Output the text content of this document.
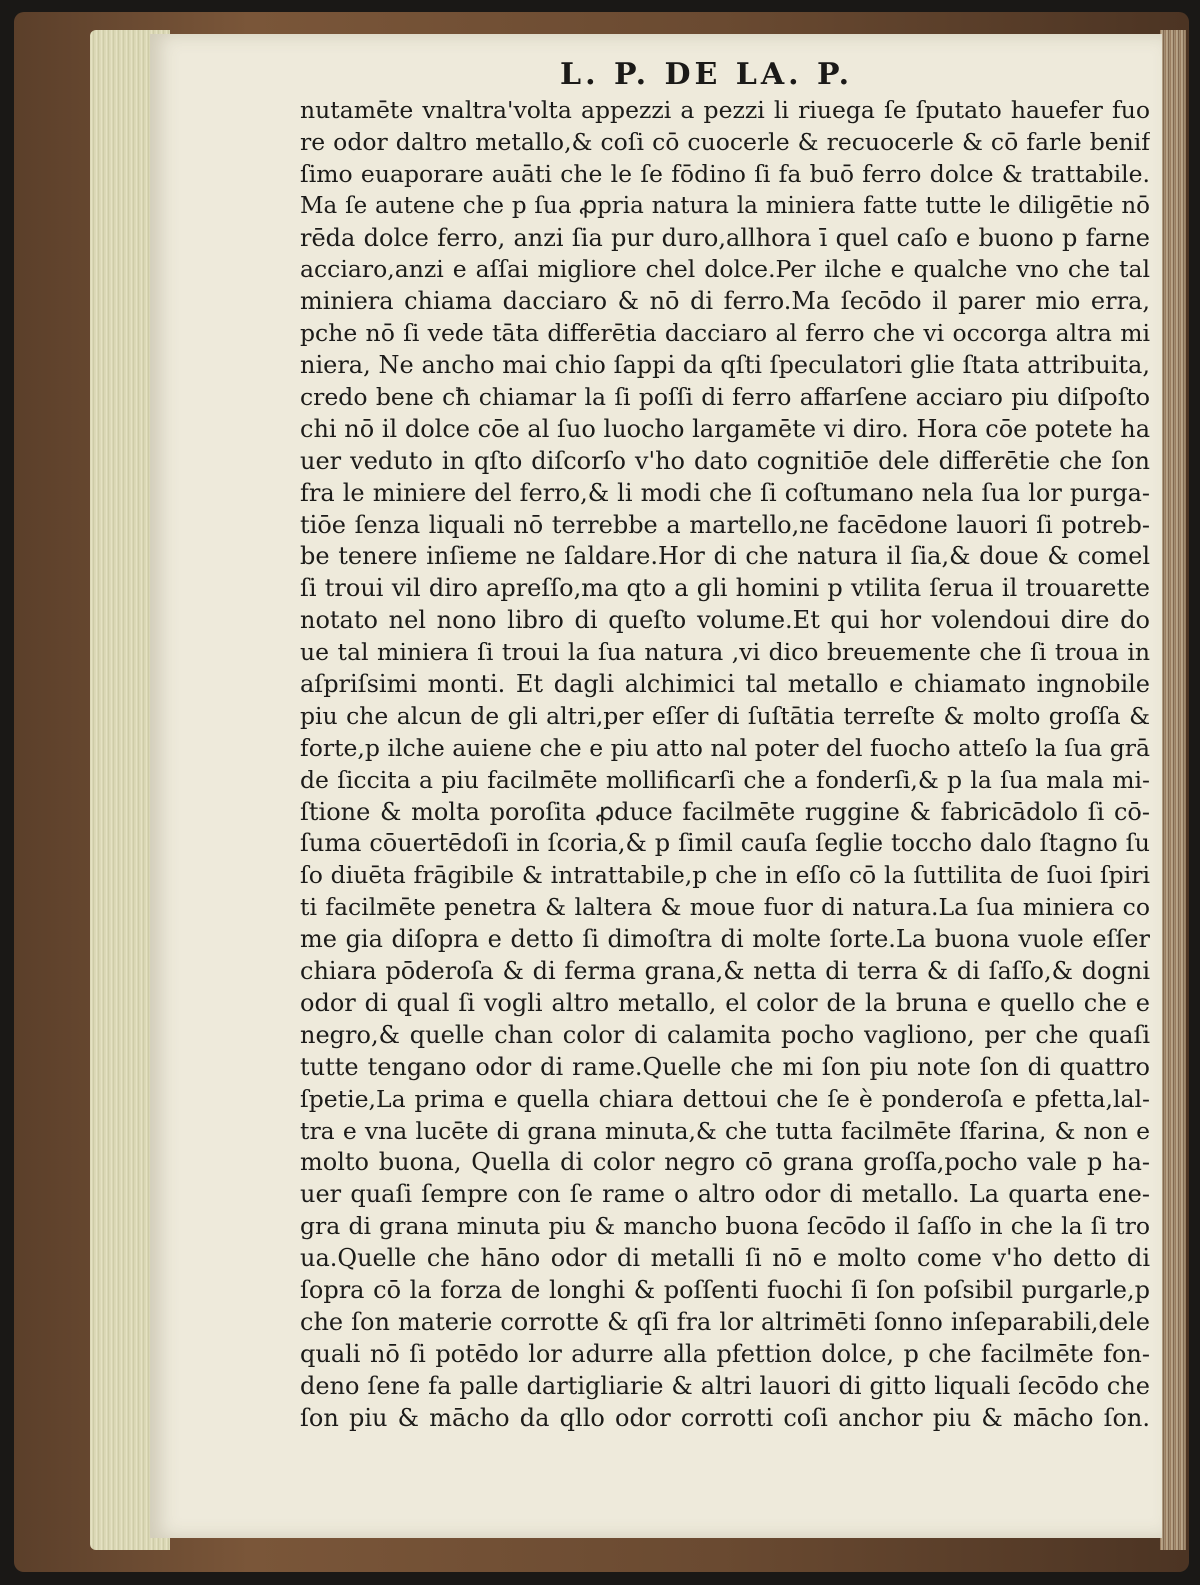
L. P. DE LA. P.
nutamēte vnaltra'volta appezzi a pezzi li riuega ſe ſputato hauefer fuo
re odor daltro metallo,& coſi cō cuocerle & recuocerle & cō farle benif
ſimo euaporare auāti che le ſe fōdino ſi fa buō ferro dolce & trattabile.
Ma ſe autene che p ſua ꝓpria natura la miniera fatte tutte le diligētie nō
rēda dolce ferro, anzi ſia pur duro,allhora ī quel caſo e buono p farne
acciaro,anzi e aſſai migliore chel dolce.Per ilche e qualche vno che tal
miniera chiama dacciaro & nō di ferro.Ma ſecōdo il parer mio erra,
pche nō ſi vede tāta differētia dacciaro al ferro che vi occorga altra mi
niera, Ne ancho mai chio ſappi da qſti ſpeculatori glie ſtata attribuita,
credo bene cħ chiamar la ſi poſſi di ferro affarſene acciaro piu diſpoſto
chi nō il dolce cōe al ſuo luocho largamēte vi diro. Hora cōe potete ha
uer veduto in qſto diſcorſo v'ho dato cognitiōe dele differētie che ſon
fra le miniere del ferro,& li modi che ſi coſtumano nela ſua lor purga-
tiōe ſenza liquali nō terrebbe a martello,ne facēdone lauori ſi potreb-
be tenere inſieme ne ſaldare.Hor di che natura il ſia,& doue & comel
ſi troui vil diro apreſſo,ma qto a gli homini p vtilita ſerua il trouarette
notato nel nono libro di queſto volume.Et qui hor volendoui dire do
ue tal miniera ſi troui la ſua natura ,vi dico breuemente che ſi troua in
aſpriſsimi monti. Et dagli alchimici tal metallo e chiamato ingnobile
piu che alcun de gli altri,per eſſer di ſuſtātia terreſte & molto groſſa &
forte,p ilche auiene che e piu atto nal poter del fuocho atteſo la ſua grā
de ſiccita a piu facilmēte mollificarſi che a fonderſi,& p la ſua mala mi-
ſtione & molta poroſita ꝓduce facilmēte ruggine & fabricādolo ſi cō-
ſuma cōuertēdoſi in ſcoria,& p ſimil cauſa ſeglie toccho dalo ſtagno ſu
ſo diuēta frāgibile & intrattabile,p che in eſſo cō la ſuttilita de ſuoi ſpiri
ti facilmēte penetra & laltera & moue fuor di natura.La ſua miniera co
me gia diſopra e detto ſi dimoſtra di molte ſorte.La buona vuole eſſer
chiara pōderoſa & di ferma grana,& netta di terra & di ſaſſo,& dogni
odor di qual ſi vogli altro metallo, el color de la bruna e quello che e
negro,& quelle chan color di calamita pocho vagliono, per che quaſi
tutte tengano odor di rame.Quelle che mi ſon piu note ſon di quattro
ſpetie,La prima e quella chiara dettoui che ſe è ponderoſa e pfetta,lal-
tra e vna lucēte di grana minuta,& che tutta facilmēte ſfarina, & non e
molto buona, Quella di color negro cō grana groſſa,pocho vale p ha-
uer quaſi ſempre con ſe rame o altro odor di metallo. La quarta ene-
gra di grana minuta piu & mancho buona ſecōdo il ſaſſo in che la ſi tro
ua.Quelle che hāno odor di metalli ſi nō e molto come v'ho detto di
ſopra cō la forza de longhi & poſſenti fuochi ſi ſon poſsibil purgarle,p
che ſon materie corrotte & qſi fra lor altrimēti ſonno inſeparabili,dele
quali nō ſi potēdo lor adurre alla pfettion dolce, p che facilmēte fon-
deno ſene fa palle dartigliarie & altri lauori di gitto liquali ſecōdo che
ſon piu & mācho da qllo odor corrotti coſi anchor piu & mācho ſon.
